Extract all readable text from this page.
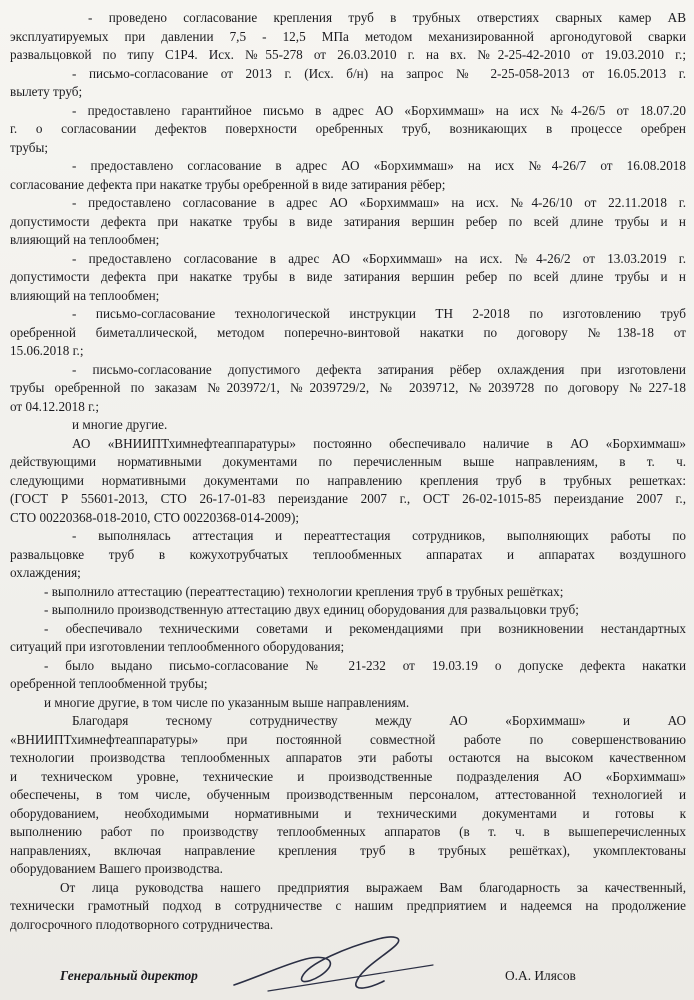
- проведено согласование крепления труб в трубных отверстиях сварных камер АВ
эксплуатируемых при давлении 7,5 - 12,5 МПа методом механизированной аргонодуговой сварки
развальцовкой по типу С1Р4. Исх. №55-278 от 26.03.2010 г. на вх. №2-25-42-2010 от 19.03.2010 г.;
- письмо-согласование от 2013 г. (Исх. б/н) на запрос № 2-25-058-2013 от 16.05.2013 г.
вылету труб;
- предоставлено гарантийное письмо в адрес АО «Борхиммаш» на исх №4-26/5 от 18.07.20
г. о согласовании дефектов поверхности оребренных труб, возникающих в процессе оребрен
трубы;
- предоставлено согласование в адрес АО «Борхиммаш» на исх №4-26/7 от 16.08.2018
согласование дефекта при накатке трубы оребренной в виде затирания рёбер;
- предоставлено согласование в адрес АО «Борхиммаш» на исх. №4-26/10 от 22.11.2018 г.
допустимости дефекта при накатке трубы в виде затирания вершин ребер по всей длине трубы и н
влияющий на теплообмен;
- предоставлено согласование в адрес АО «Борхиммаш» на исх. №4-26/2 от 13.03.2019 г.
допустимости дефекта при накатке трубы в виде затирания вершин ребер по всей длине трубы и н
влияющий на теплообмен;
- письмо-согласование технологической инструкции ТН 2-2018 по изготовлению труб
оребренной биметаллической, методом поперечно-винтовой накатки по договору №138-18 от
15.06.2018 г.;
- письмо-согласование допустимого дефекта затирания рёбер охлаждения при изготовлени
трубы оребренной по заказам №203972/1, №2039729/2, № 2039712, №2039728 по договору №227-18
от 04.12.2018 г.;
и многие другие.
АО «ВНИИПТхимнефтеаппаратуры» постоянно обеспечивало наличие в АО «Борхиммаш»
действующими нормативными документами по перечисленным выше направлениям, в т. ч.
следующими нормативными документами по направлению крепления труб в трубных решетках:
(ГОСТ Р 55601-2013, СТО 26-17-01-83 переиздание 2007 г., ОСТ 26-02-1015-85 переиздание 2007 г.,
СТО 00220368-018-2010, СТО 00220368-014-2009);
- выполнялась аттестация и переаттестация сотрудников, выполняющих работы по
развальцовке труб в кожухотрубчатых теплообменных аппаратах и аппаратах воздушного
охлаждения;
- выполнило аттестацию (переаттестацию) технологии крепления труб в трубных решётках;
- выполнило производственную аттестацию двух единиц оборудования для развальцовки труб;
- обеспечивало техническими советами и рекомендациями при возникновении нестандартных
ситуаций при изготовлении теплообменного оборудования;
- было выдано письмо-согласование № 21-232 от 19.03.19 о допуске дефекта накатки
оребренной теплообменной трубы;
и многие другие, в том числе по указанным выше направлениям.
Благодаря тесному сотрудничеству между АО «Борхиммаш» и АО
«ВНИИПТхимнефтеаппаратуры» при постоянной совместной работе по совершенствованию
технологии производства теплообменных аппаратов эти работы остаются на высоком качественном
и техническом уровне, технические и производственные подразделения АО «Борхиммаш»
обеспечены, в том числе, обученным производственным персоналом, аттестованной технологией и
оборудованием, необходимыми нормативными и техническими документами и готовы к
выполнению работ по производству теплообменных аппаратов (в т. ч. в вышеперечисленных
направлениях, включая направление крепления труб в трубных решётках), укомплектованы
оборудованием Вашего производства.
От лица руководства нашего предприятия выражаем Вам благодарность за качественный,
технически грамотный подход в сотрудничестве с нашим предприятием и надеемся на продолжение
долгосрочного плодотворного сотрудничества.
Генеральный директор	О.А. Илясов
